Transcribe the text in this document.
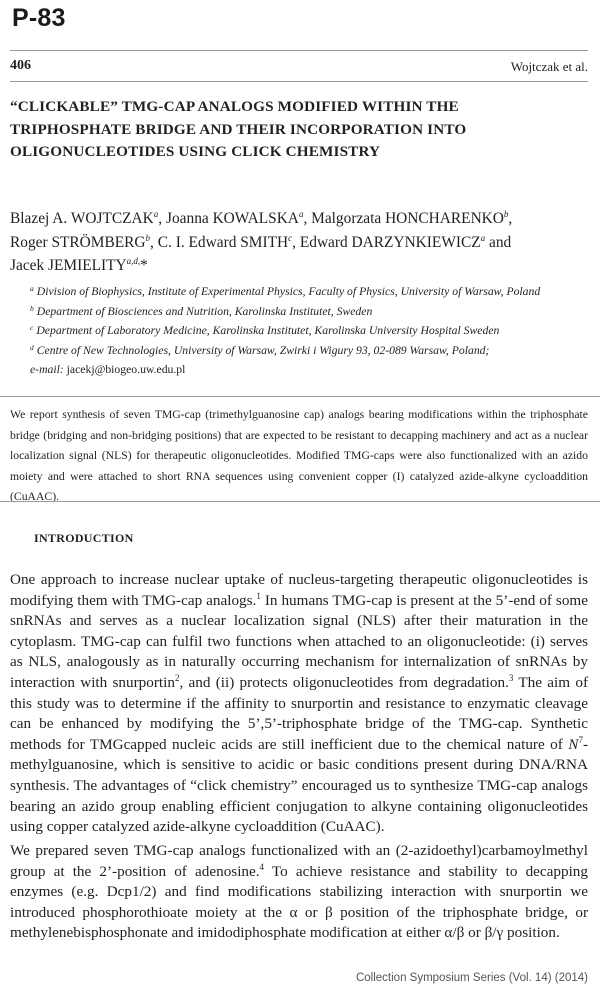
P-83
406	Wojtczak et al.
“CLICKABLE” TMG-CAP ANALOGS MODIFIED WITHIN THE
TRIPHOSPHATE BRIDGE AND THEIR INCORPORATION INTO
OLIGONUCLEOTIDES USING CLICK CHEMISTRY
Blazej A. WOJTCZAK$^a$, Joanna KOWALSKA$^a$, Malgorzata HONCHARENKO$^b$,
Roger STRÖMBERG$^b$, C. I. Edward SMITH$^c$, Edward DARZYNKIEWICZ$^a$ and
Jacek $JEMIELITY^{a,d,}*$
$^a$ Division of Biophysics, Institute of Experimental Physics, Faculty of Physics, University of Warsaw, Poland
$^b$ Department of Biosciences and Nutrition, Karolinska Institutet, Sweden
$^c$ Department of Laboratory Medicine, Karolinska Institutet, Karolinska University Hospital Sweden
$^d$ Centre of New Technologies, University of Warsaw, Zwirki i Wigury 93, 02-089 Warsaw, Poland;
e-mail: jacekj@biogeo.uw.edu.pl
We report synthesis of seven TMG-cap (trimethylguanosine cap) analogs bearing modifications within the triphosphate bridge (bridging and non-bridging positions) that are expected to be resistant to decapping machinery and act as a nuclear localization signal (NLS) for therapeutic oligonucleotides. Modified TMG-caps were also functionalized with an azido moiety and were attached to short RNA sequences using convenient copper (I) catalyzed azide-alkyne cycloaddition (CuAAC).
INTRODUCTION
One approach to increase nuclear uptake of nucleus-targeting therapeutic oligonucleotides is modifying them with TMG-cap analogs.$^1$ In humans TMG-cap is present at the 5’-end of some snRNAs and serves as a nuclear localization signal (NLS) after their maturation in the cytoplasm. TMG-cap can fulfil two functions when attached to an oligonucleotide: (i) serves as NLS, analogously as in naturally occurring mechanism for internalization of snRNAs by interaction with snurportin$^2$, and (ii) protects oligonucleotides from degradation.$^3$ The aim of this study was to determine if the affinity to snurportin and resistance to enzymatic cleavage can be enhanced by modifying the 5’,5’-triphosphate bridge of the TMG-cap. Synthetic methods for TMGcapped nucleic acids are still inefficient due to the chemical nature of $N^7$-methylguanosine, which is sensitive to acidic or basic conditions present during DNA/RNA synthesis. The advantages of “click chemistry” encouraged us to synthesize TMG-cap analogs bearing an azido group enabling efficient conjugation to alkyne containing oligonucleotides using copper catalyzed azide-alkyne cycloaddition (CuAAC).
We prepared seven TMG-cap analogs functionalized with an (2-azidoethyl)carbamoylmethyl group at the 2’-position of adenosine.$^4$ To achieve resistance and stability to decapping enzymes (e.g. Dcp1/2) and find modifications stabilizing interaction with snurportin we introduced phosphorothioate moiety at the α or β position of the triphosphate bridge, or methylenebisphosphonate and imidodiphosphate modification at either α/β or β/γ position.
Collection Symposium Series (Vol. 14) (2014)
